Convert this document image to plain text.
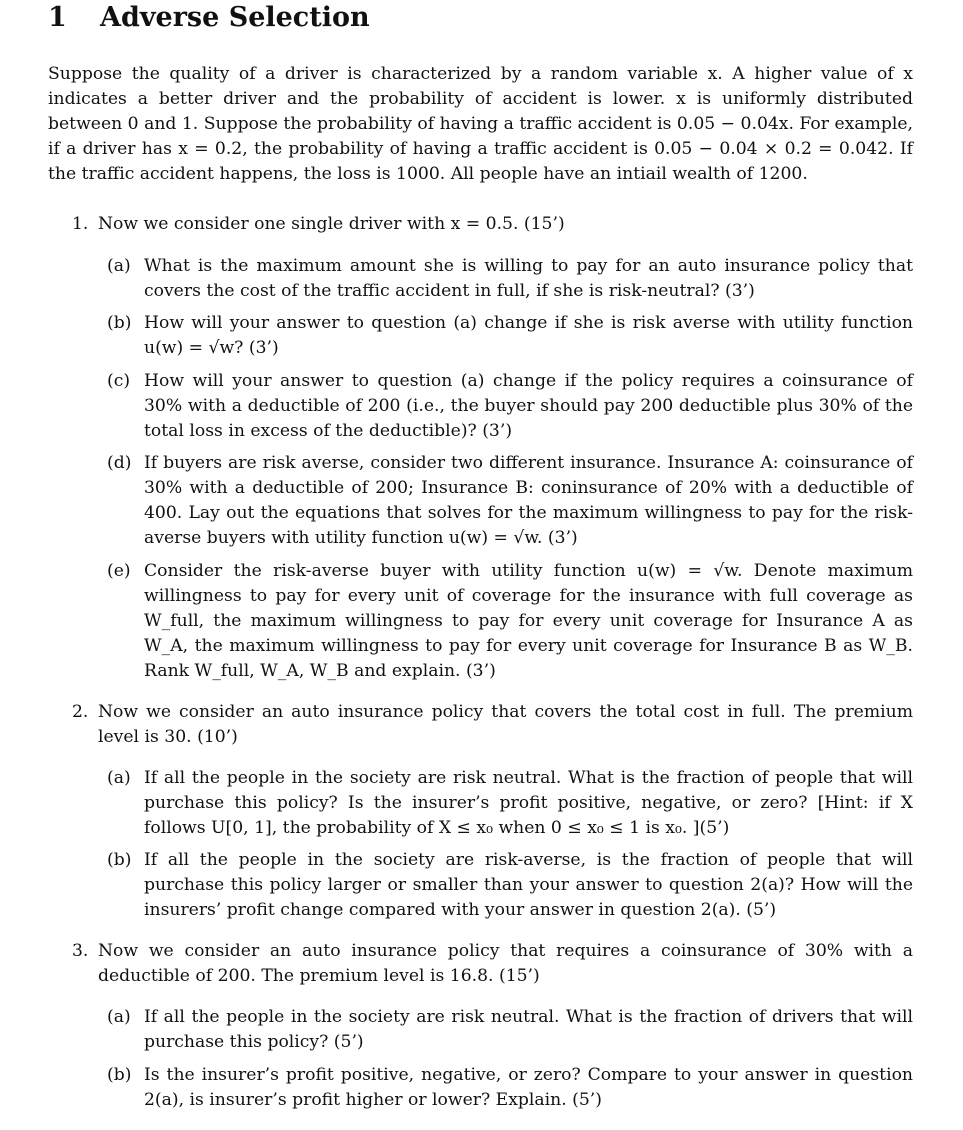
1 Adverse Selection

Suppose the quality of a driver is characterized by a random variable x. A higher value of x indicates a better driver and the probability of accident is lower. x is uniformly distributed between 0 and 1. Suppose the probability of having a traffic accident is 0.05 − 0.04x. For example, if a driver has x = 0.2, the probability of having a traffic accident is 0.05 − 0.04 × 0.2 = 0.042. If the traffic accident happens, the loss is 1000. All people have an intiail wealth of 1200.

1. Now we consider one single driver with x = 0.5. (15’)
(a) What is the maximum amount she is willing to pay for an auto insurance policy that covers the cost of the traffic accident in full, if she is risk-neutral? (3’)
(b) How will your answer to question (a) change if she is risk averse with utility function u(w) = √w? (3’)
(c) How will your answer to question (a) change if the policy requires a coinsurance of 30% with a deductible of 200 (i.e., the buyer should pay 200 deductible plus 30% of the total loss in excess of the deductible)? (3’)
(d) If buyers are risk averse, consider two different insurance. Insurance A: coinsurance of 30% with a deductible of 200; Insurance B: coninsurance of 20% with a deductible of 400. Lay out the equations that solves for the maximum willingness to pay for the risk-averse buyers with utility function u(w) = √w. (3’)
(e) Consider the risk-averse buyer with utility function u(w) = √w. Denote maximum willingness to pay for every unit of coverage for the insurance with full coverage as W_full, the maximum willingness to pay for every unit coverage for Insurance A as W_A, the maximum willingness to pay for every unit coverage for Insurance B as W_B. Rank W_full, W_A, W_B and explain. (3’)
2. Now we consider an auto insurance policy that covers the total cost in full. The premium level is 30. (10’)
(a) If all the people in the society are risk neutral. What is the fraction of people that will purchase this policy? Is the insurer’s profit positive, negative, or zero? [Hint: if X follows U[0, 1], the probability of X ≤ x₀ when 0 ≤ x₀ ≤ 1 is x₀. ](5’)
(b) If all the people in the society are risk-averse, is the fraction of people that will purchase this policy larger or smaller than your answer to question 2(a)? How will the insurers’ profit change compared with your answer in question 2(a). (5’)
3. Now we consider an auto insurance policy that requires a coinsurance of 30% with a deductible of 200. The premium level is 16.8. (15’)
(a) If all the people in the society are risk neutral. What is the fraction of drivers that will purchase this policy? (5’)
(b) Is the insurer’s profit positive, negative, or zero? Compare to your answer in question 2(a), is insurer’s profit higher or lower? Explain. (5’)
